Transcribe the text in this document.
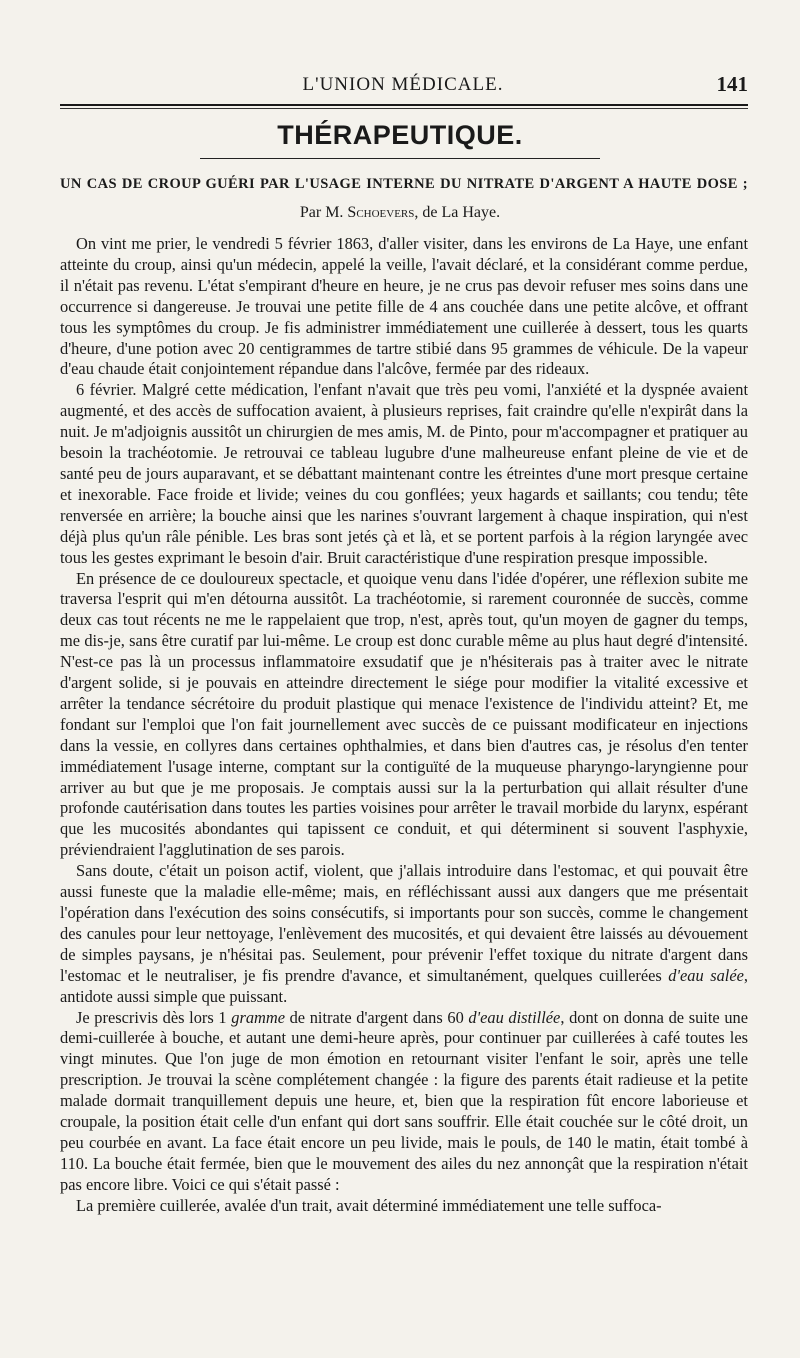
L'UNION MÉDICALE.	141
THÉRAPEUTIQUE.
UN CAS DE CROUP GUÉRI PAR L'USAGE INTERNE DU NITRATE D'ARGENT A HAUTE DOSE ;
Par M. Schoevers, de La Haye.

On vint me prier, le vendredi 5 février 1863, d'aller visiter, dans les environs de La Haye, une enfant atteinte du croup, ainsi qu'un médecin, appelé la veille, l'avait déclaré, et la considérant comme perdue, il n'était pas revenu. L'état s'empirant d'heure en heure, je ne crus pas devoir refuser mes soins dans une occurrence si dangereuse. Je trouvai une petite fille de 4 ans couchée dans une petite alcôve, et offrant tous les symptômes du croup. Je fis administrer immédiatement une cuillerée à dessert, tous les quarts d'heure, d'une potion avec 20 centigrammes de tartre stibié dans 95 grammes de véhicule. De la vapeur d'eau chaude était conjointement répandue dans l'alcôve, fermée par des rideaux.

6 février. Malgré cette médication, l'enfant n'avait que très peu vomi, l'anxiété et la dyspnée avaient augmenté, et des accès de suffocation avaient, à plusieurs reprises, fait craindre qu'elle n'expirât dans la nuit. Je m'adjoignis aussitôt un chirurgien de mes amis, M. de Pinto, pour m'accompagner et pratiquer au besoin la trachéotomie. Je retrouvai ce tableau lugubre d'une malheureuse enfant pleine de vie et de santé peu de jours auparavant, et se débattant maintenant contre les étreintes d'une mort presque certaine et inexorable. Face froide et livide; veines du cou gonflées; yeux hagards et saillants; cou tendu; tête renversée en arrière; la bouche ainsi que les narines s'ouvrant largement à chaque inspiration, qui n'est déjà plus qu'un râle pénible. Les bras sont jetés çà et là, et se portent parfois à la région laryngée avec tous les gestes exprimant le besoin d'air. Bruit caractéristique d'une respiration presque impossible.

En présence de ce douloureux spectacle, et quoique venu dans l'idée d'opérer, une réflexion subite me traversa l'esprit qui m'en détourna aussitôt. La trachéotomie, si rarement couronnée de succès, comme deux cas tout récents ne me le rappelaient que trop, n'est, après tout, qu'un moyen de gagner du temps, me dis-je, sans être curatif par lui-même. Le croup est donc curable même au plus haut degré d'intensité. N'est-ce pas là un processus inflammatoire exsudatif que je n'hésiterais pas à traiter avec le nitrate d'argent solide, si je pouvais en atteindre directement le siége pour modifier la vitalité excessive et arrêter la tendance sécrétoire du produit plastique qui menace l'existence de l'individu atteint? Et, me fondant sur l'emploi que l'on fait journellement avec succès de ce puissant modificateur en injections dans la vessie, en collyres dans certaines ophthalmies, et dans bien d'autres cas, je résolus d'en tenter immédiatement l'usage interne, comptant sur la contiguïté de la muqueuse pharyngo-laryngienne pour arriver au but que je me proposais. Je comptais aussi sur la la perturbation qui allait résulter d'une profonde cautérisation dans toutes les parties voisines pour arrêter le travail morbide du larynx, espérant que les mucosités abondantes qui tapissent ce conduit, et qui déterminent si souvent l'asphyxie, préviendraient l'agglutination de ses parois.

Sans doute, c'était un poison actif, violent, que j'allais introduire dans l'estomac, et qui pouvait être aussi funeste que la maladie elle-même; mais, en réfléchissant aussi aux dangers que me présentait l'opération dans l'exécution des soins consécutifs, si importants pour son succès, comme le changement des canules pour leur nettoyage, l'enlèvement des mucosités, et qui devaient être laissés au dévouement de simples paysans, je n'hésitai pas. Seulement, pour prévenir l'effet toxique du nitrate d'argent dans l'estomac et le neutraliser, je fis prendre d'avance, et simultanément, quelques cuillerées d'eau salée, antidote aussi simple que puissant.

Je prescrivis dès lors 1 gramme de nitrate d'argent dans 60 d'eau distillée, dont on donna de suite une demi-cuillerée à bouche, et autant une demi-heure après, pour continuer par cuillerées à café toutes les vingt minutes. Que l'on juge de mon émotion en retournant visiter l'enfant le soir, après une telle prescription. Je trouvai la scène complétement changée : la figure des parents était radieuse et la petite malade dormait tranquillement depuis une heure, et, bien que la respiration fût encore laborieuse et croupale, la position était celle d'un enfant qui dort sans souffrir. Elle était couchée sur le côté droit, un peu courbée en avant. La face était encore un peu livide, mais le pouls, de 140 le matin, était tombé à 110. La bouche était fermée, bien que le mouvement des ailes du nez annonçât que la respiration n'était pas encore libre. Voici ce qui s'était passé :

La première cuillerée, avalée d'un trait, avait déterminé immédiatement une telle suffoca-
